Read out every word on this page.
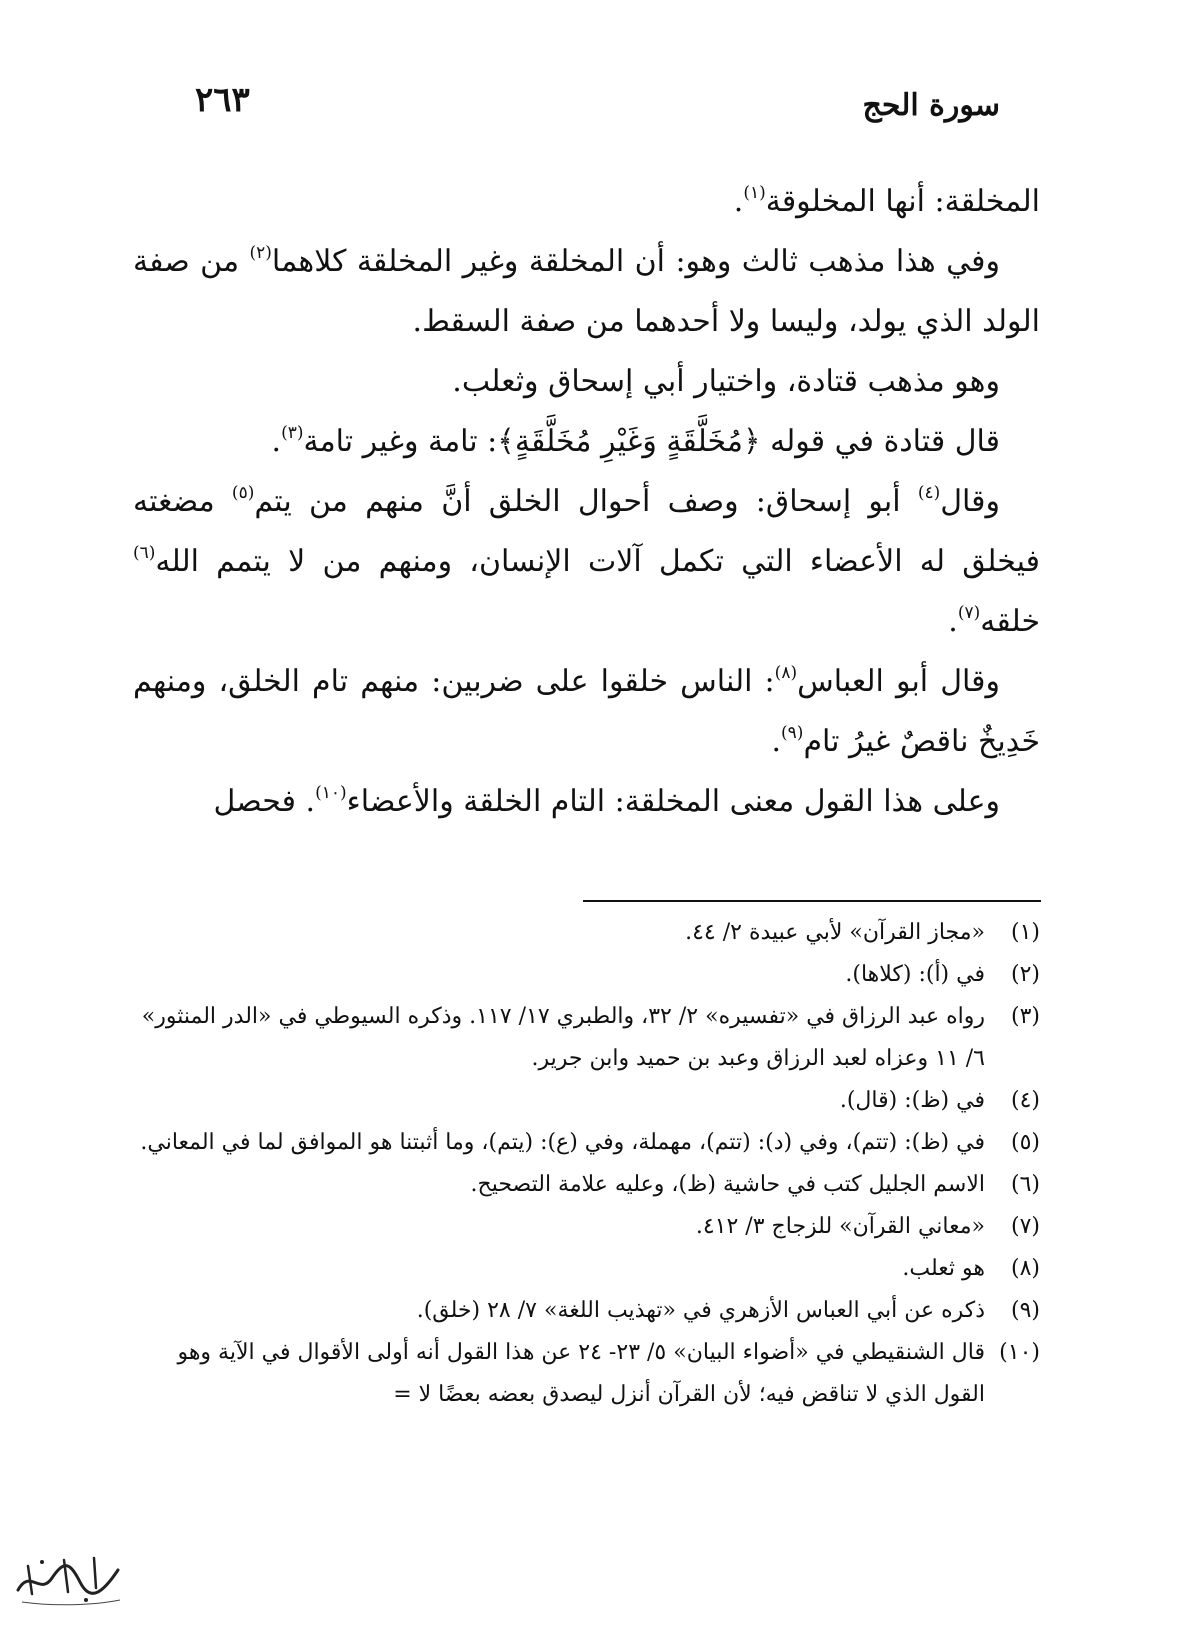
سورة الحج
٢٦٣

المخلقة: أنها المخلوقة$^{(١)}$.

وفي هذا مذهب ثالث وهو: أن المخلقة وغير المخلقة كلاهما$^{(٢)}$ من صفة الولد الذي يولد، وليسا ولا أحدهما من صفة السقط.

وهو مذهب قتادة، واختيار أبي إسحاق وثعلب.

قال قتادة في قوله ﴿مُخَلَّقَةٍ وَغَيْرِ مُخَلَّقَةٍ﴾: تامة وغير تامة$^{(٣)}$.

وقال$^{(٤)}$ أبو إسحاق: وصف أحوال الخلق أنَّ منهم من يتم$^{(٥)}$ مضغته فيخلق له الأعضاء التي تكمل آلات الإنسان، ومنهم من لا يتمم الله$^{(٦)}$ خلقه$^{(٧)}$.

وقال أبو العباس$^{(٨)}$: الناس خلقوا على ضربين: منهم تام الخلق، ومنهم خَدِيخٌ ناقصٌ غيرُ تام$^{(٩)}$.

وعلى هذا القول معنى المخلقة: التام الخلقة والأعضاء$^{(١٠)}$. فحصل

(١)
«مجاز القرآن» لأبي عبيدة ٢/ ٤٤.

(٢)
في (أ): (كلاها).

(٣)
رواه عبد الرزاق في «تفسيره» ٢/ ٣٢، والطبري ١٧/ ١١٧. وذكره السيوطي في «الدر المنثور» ٦/ ١١ وعزاه لعبد الرزاق وعبد بن حميد وابن جرير.

(٤)
في (ظ): (قال).

(٥)
في (ظ): (تتم)، وفي (د): (تتم)، مهملة، وفي (ع): (يتم)، وما أثبتنا هو الموافق لما في المعاني.

(٦)
الاسم الجليل كتب في حاشية (ظ)، وعليه علامة التصحيح.

(٧)
«معاني القرآن» للزجاج ٣/ ٤١٢.

(٨)
هو ثعلب.

(٩)
ذكره عن أبي العباس الأزهري في «تهذيب اللغة» ٧/ ٢٨ (خلق).

(١٠)
قال الشنقيطي في «أضواء البيان» ٥/ ٢٣- ٢٤ عن هذا القول أنه أولى الأقوال في الآية وهو القول الذي لا تناقض فيه؛ لأن القرآن أنزل ليصدق بعضه بعضًا لا =
